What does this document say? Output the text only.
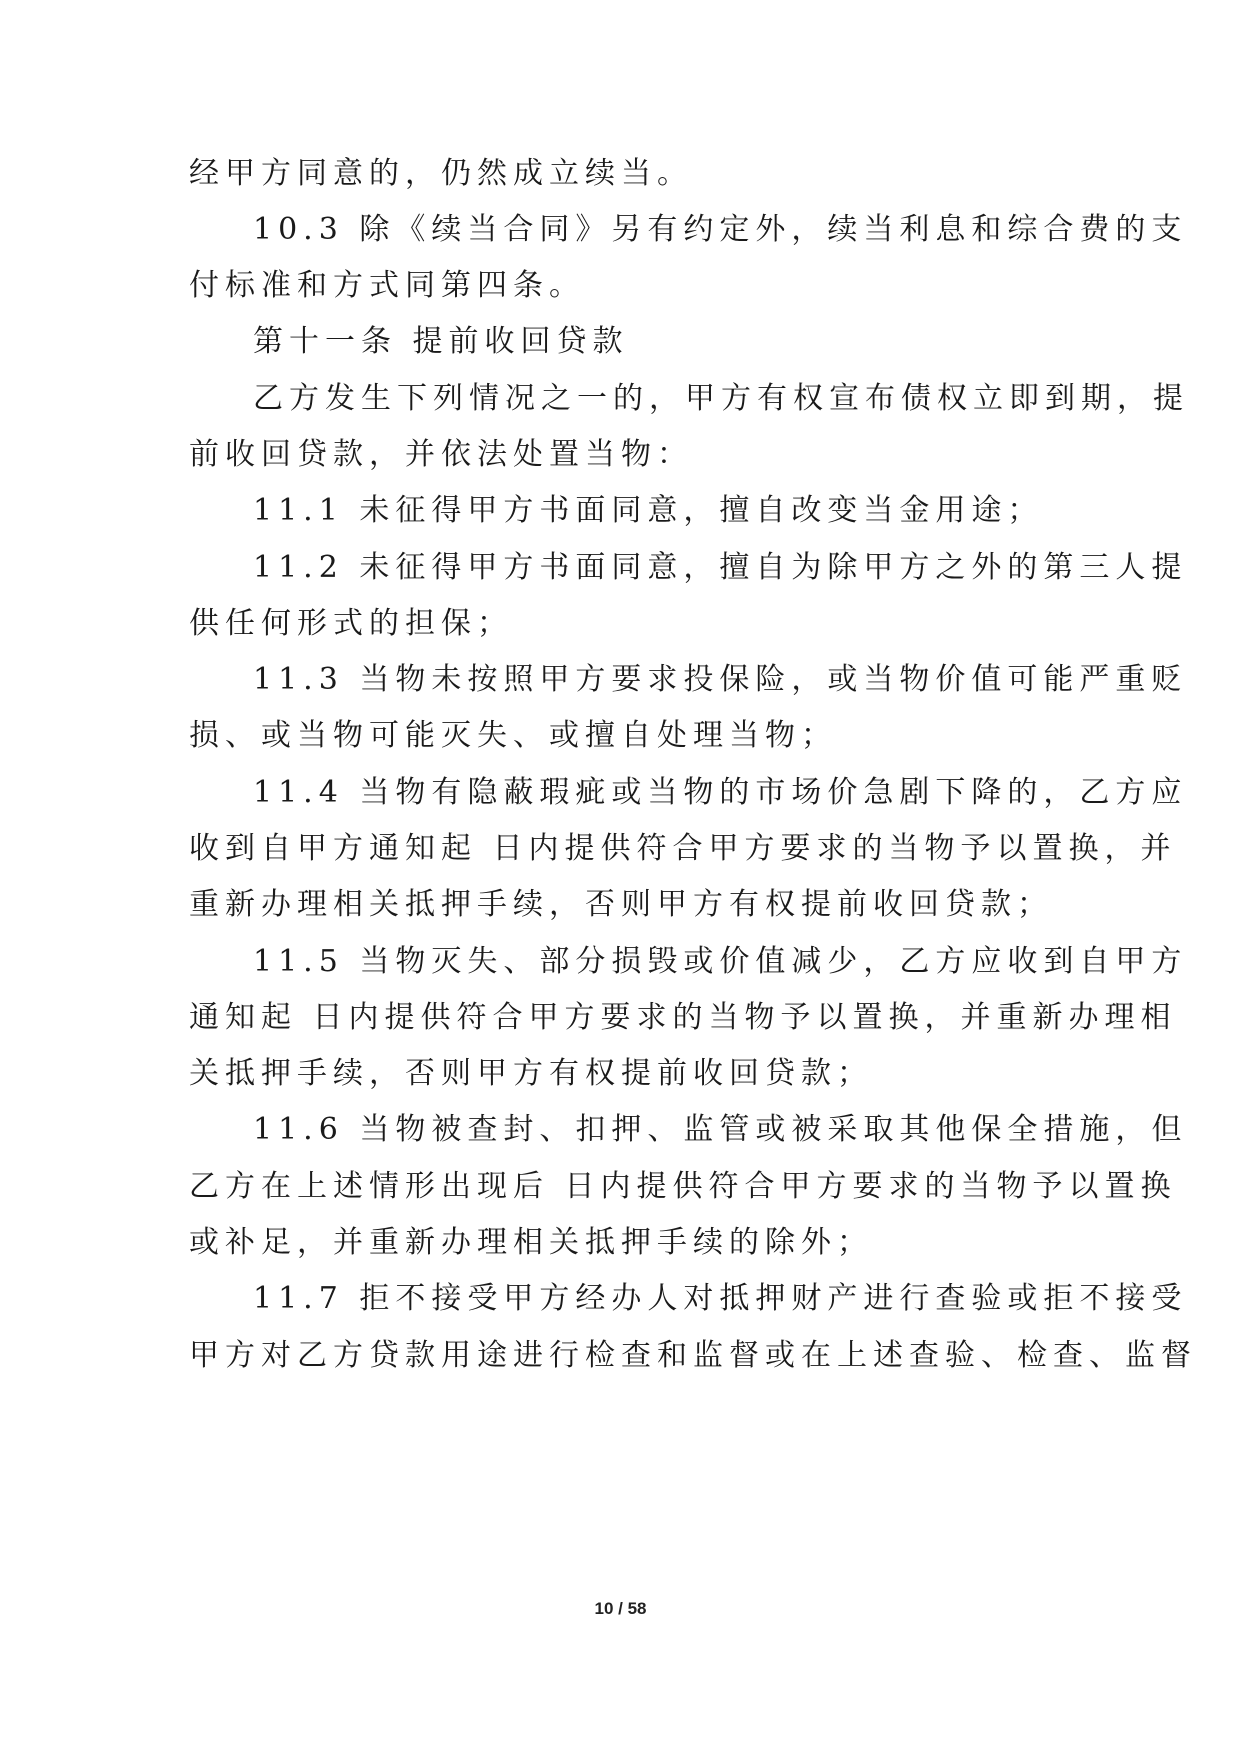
经甲方同意的，仍然成立续当。
10.3 除《续当合同》另有约定外，续当利息和综合费的支
付标准和方式同第四条。
第十一条 提前收回贷款
乙方发生下列情况之一的，甲方有权宣布债权立即到期，提
前收回贷款，并依法处置当物：
11.1 未征得甲方书面同意，擅自改变当金用途；
11.2 未征得甲方书面同意，擅自为除甲方之外的第三人提
供任何形式的担保；
11.3 当物未按照甲方要求投保险，或当物价值可能严重贬
损、或当物可能灭失、或擅自处理当物；
11.4 当物有隐蔽瑕疵或当物的市场价急剧下降的，乙方应
收到自甲方通知起 日内提供符合甲方要求的当物予以置换，并
重新办理相关抵押手续，否则甲方有权提前收回贷款；
11.5 当物灭失、部分损毁或价值减少，乙方应收到自甲方
通知起 日内提供符合甲方要求的当物予以置换，并重新办理相
关抵押手续，否则甲方有权提前收回贷款；
11.6 当物被查封、扣押、监管或被采取其他保全措施，但
乙方在上述情形出现后 日内提供符合甲方要求的当物予以置换
或补足，并重新办理相关抵押手续的除外；
11.7 拒不接受甲方经办人对抵押财产进行查验或拒不接受
甲方对乙方贷款用途进行检查和监督或在上述查验、检查、监督
10 / 58
